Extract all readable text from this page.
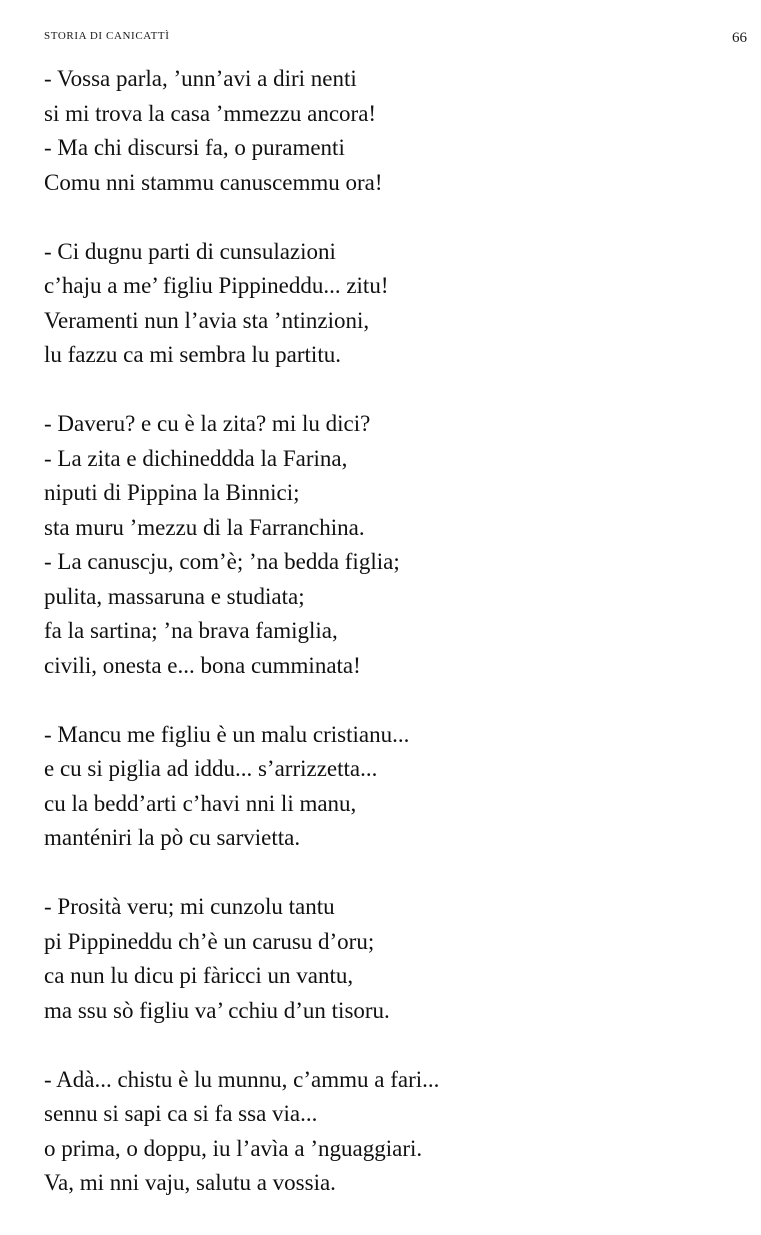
STORIA DI CANICATTÌ	66
- Vossa parla, ’unn’avi a diri nenti
si mi trova la casa ’mmezzu ancora!
- Ma chi discursi fa, o puramenti
Comu nni stammu canuscemmu ora!
- Ci dugnu parti di cunsulazioni
c’haju a me’ figliu Pippineddu... zitu!
Veramenti nun l’avia sta ’ntinzioni,
lu fazzu ca mi sembra lu partitu.
- Daveru? e cu è la zita? mi lu dici?
- La zita e dichineddda la Farina,
niputi di Pippina la Binnici;
sta muru ’mezzu di la Farranchina.
- La canuscju, com’è; ’na bedda figlia;
pulita, massaruna e studiata;
fa la sartina; ’na brava famiglia,
civili, onesta e... bona cumminata!
- Mancu me figliu è un malu cristianu...
e cu si piglia ad iddu... s’arrizzetta...
cu la bedd’arti c’havi nni li manu,
manténiri la pò cu sarvietta.
- Prosità veru; mi cunzolu tantu
pi Pippineddu ch’è un carusu d’oru;
ca nun lu dicu pi fàricci un vantu,
ma ssu sò figliu va’ cchiu d’un tisoru.
- Adà... chistu è lu munnu, c’ammu a fari...
sennu si sapi ca si fa ssa via...
o prima, o doppu, iu l’avìa a ’nguaggiari.
Va, mi nni vaju, salutu a vossia.
